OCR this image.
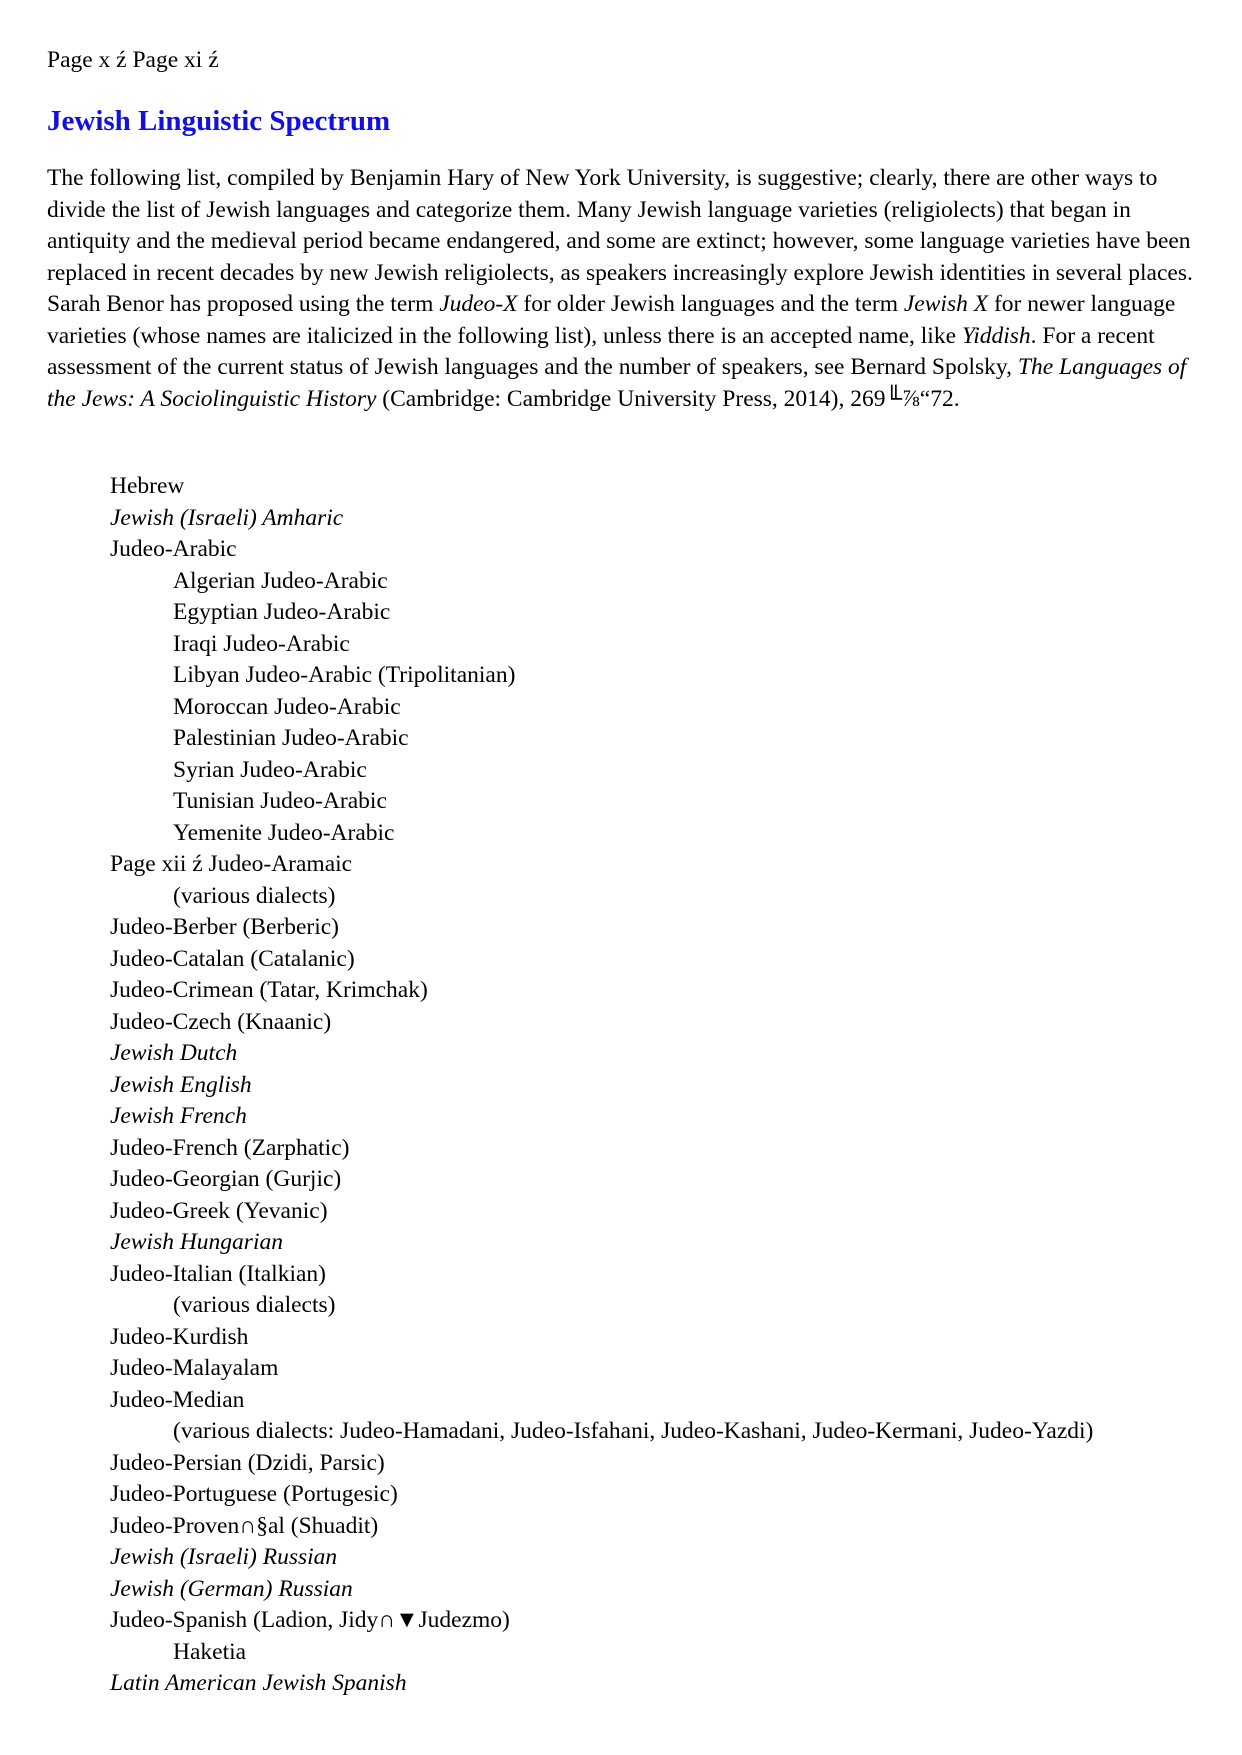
Page x ź Page xi ź
Jewish Linguistic Spectrum

The following list, compiled by Benjamin Hary of New York University, is suggestive; clearly, there are other ways to divide the list of Jewish languages and categorize them. Many Jewish language varieties (religiolects) that began in antiquity and the medieval period became endangered, and some are extinct; however, some language varieties have been replaced in recent decades by new Jewish religiolects, as speakers increasingly explore Jewish identities in several places. Sarah Benor has proposed using the term Judeo-X for older Jewish languages and the term Jewish X for newer language varieties (whose names are italicized in the following list), unless there is an accepted name, like Yiddish. For a recent assessment of the current status of Jewish languages and the number of speakers, see Bernard Spolsky, The Languages of the Jews: A Sociolinguistic History (Cambridge: Cambridge University Press, 2014), 269╙⅞“72.

Hebrew
Jewish (Israeli) Amharic
Judeo-Arabic
Algerian Judeo-Arabic
Egyptian Judeo-Arabic
Iraqi Judeo-Arabic
Libyan Judeo-Arabic (Tripolitanian)
Moroccan Judeo-Arabic
Palestinian Judeo-Arabic
Syrian Judeo-Arabic
Tunisian Judeo-Arabic
Yemenite Judeo-Arabic
Page xii ź Judeo-Aramaic
(various dialects)
Judeo-Berber (Berberic)
Judeo-Catalan (Catalanic)
Judeo-Crimean (Tatar, Krimchak)
Judeo-Czech (Knaanic)
Jewish Dutch
Jewish English
Jewish French
Judeo-French (Zarphatic)
Judeo-Georgian (Gurjic)
Judeo-Greek (Yevanic)
Jewish Hungarian
Judeo-Italian (Italkian)
(various dialects)
Judeo-Kurdish
Judeo-Malayalam
Judeo-Median
(various dialects: Judeo-Hamadani, Judeo-Isfahani, Judeo-Kashani, Judeo-Kermani, Judeo-Yazdi)
Judeo-Persian (Dzidi, Parsic)
Judeo-Portuguese (Portugesic)
Judeo-Proven∩§al (Shuadit)
Jewish (Israeli) Russian
Jewish (German) Russian
Judeo-Spanish (Ladion, Jidy∩▼Judezmo)
Haketia
Latin American Jewish Spanish
